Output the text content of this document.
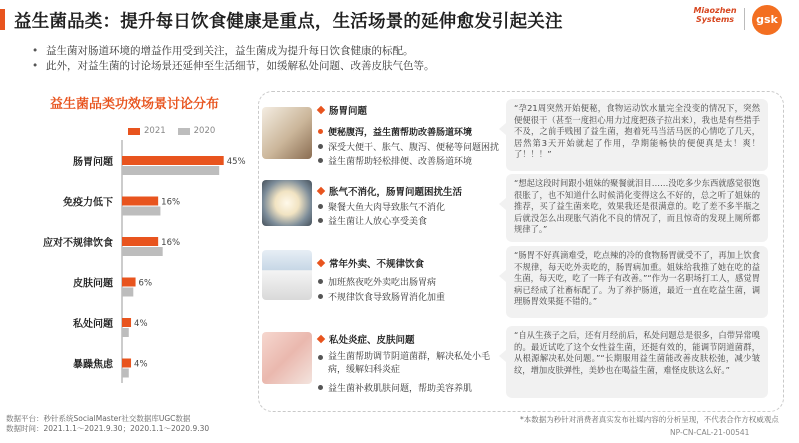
益生菌品类：提升每日饮食健康是重点，生活场景的延伸愈发引起关注
Miaozhen
Systems	gsk
• 益生菌对肠道环境的增益作用受到关注，益生菌成为提升每日饮食健康的标配。
• 此外，对益生菌的讨论场景还延伸至生活细节，如缓解私处问题、改善皮肤气色等。
益生菌品类功效场景讨论分布
2021	2020
肠胃问题	45%
免疫力低下	16%
应对不规律饮食	16%
皮肤问题	6%
私处问题 4%
暴躁焦虑 4%
肠胃问题
便秘腹泻，益生菌帮助改善肠道环境
深受大便干、胀气、腹泻、便秘等问题困扰
益生菌帮助轻松排便、改善肠道环境
“孕21周突然开始便秘，食物运动饮水量完全没变的情况下，突然便便很干（甚至一度担心用力过度把孩子拉出来），我也是有些措手不及，之前手贱囤了益生菌，抱着死马当活马医的心情吃了几天，居然第3天开始就起了作用，孕期能畅快的便便真是太！爽！了！！！”
胀气不消化，肠胃问题困扰生活
聚餐大鱼大肉导致胀气不消化
益生菌让人放心享受美食
“想起这段时间跟小姐妹的聚餐就泪目……没吃多少东西就感觉很饱很胀了，也不知道什么时候消化变得这么不好的，总之听了姐妹的推荐，买了益生菌来吃，效果我还是很满意的。吃了差不多半瓶之后就没怎么出现胀气消化不良的情况了，而且惊奇的发现上厕所都规律了。”
常年外卖、不规律饮食
加班熬夜吃外卖吃出肠胃病
不规律饮食导致肠胃消化加重
“肠胃不好真滴难受，吃点辣的冷的食物肠胃就受不了，再加上饮食不规律，每天吃外卖吃的，肠胃病加重。姐妹给我推了她在吃的益生菌，每天吃，吃了一阵子有改善。”“作为一名职场打工人，感觉胃病已经成了社畜标配了。为了养护肠道，最近一直在吃益生菌，调理肠胃效果挺不错的。”
私处炎症、皮肤问题
益生菌帮助调节阴道菌群，解决私处小毛病，缓解妇科炎症
益生菌补救肌肤问题，帮助美容养肌
“自从生孩子之后，还有月经前后，私处问题总是很多，白带异常嗅的。最近试吃了这个女性益生菌，还挺有效的，能调节阴道菌群，从根源解决私处问题。”“长期服用益生菌能改善皮肤松弛，减少皱纹，增加皮肤弹性，美妙也在喝益生菌，难怪皮肤这么好。”
数据平台：秒针系统SocialMaster社交数据库UGC数据
数据时间：2021.1.1～2021.9.30；2020.1.1～2020.9.30
*本数据为秒针对消费者真实发布社媒内容的分析呈现，不代表合作方权威观点
NP-CN-CAL-21-00541
